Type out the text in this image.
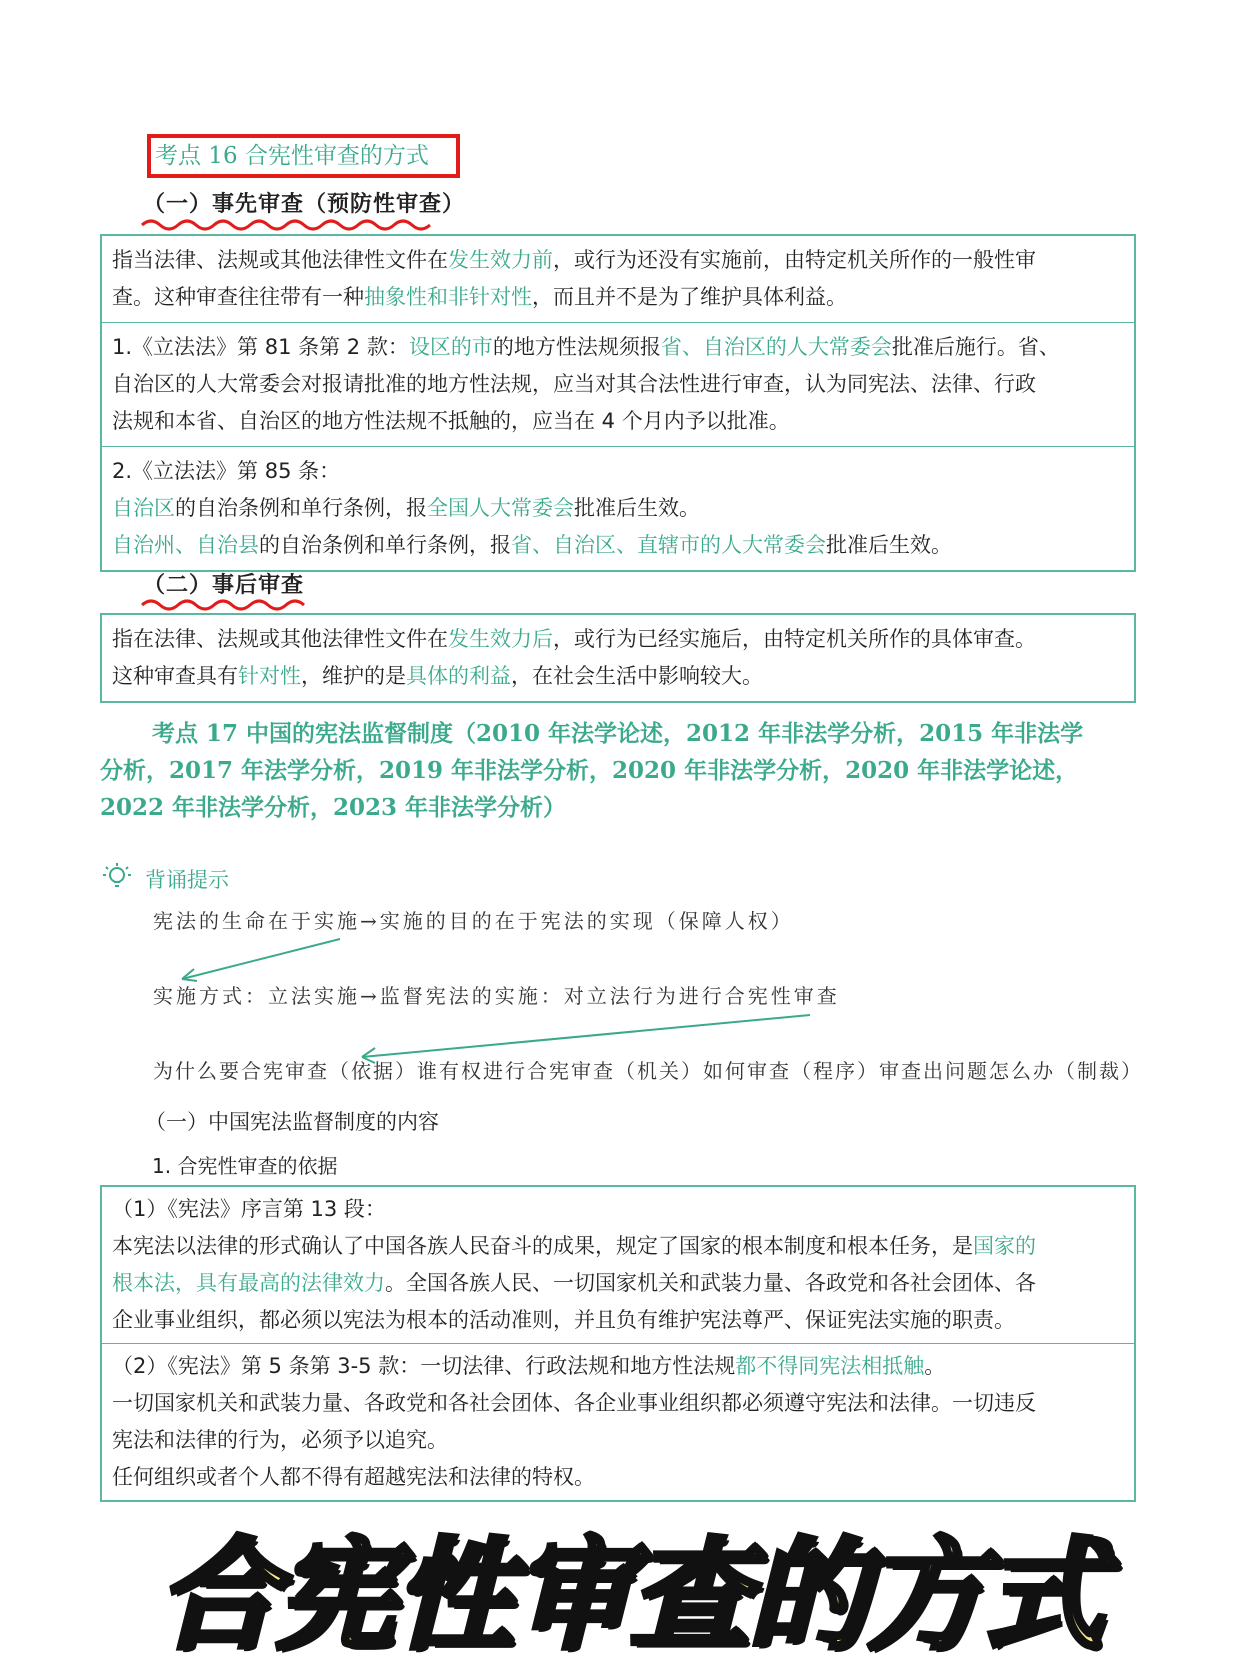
考点 16 合宪性审查的方式
（一）事先审查（预防性审查）
指当法律、法规或其他法律性文件在发生效力前，或行为还没有实施前，由特定机关所作的一般性审
查。这种审查往往带有一种抽象性和非针对性，而且并不是为了维护具体利益。
1.《立法法》第 81 条第 2 款：设区的市的地方性法规须报省、自治区的人大常委会批准后施行。省、
自治区的人大常委会对报请批准的地方性法规，应当对其合法性进行审查，认为同宪法、法律、行政
法规和本省、自治区的地方性法规不抵触的，应当在 4 个月内予以批准。
2.《立法法》第 85 条：
自治区的自治条例和单行条例，报全国人大常委会批准后生效。
自治州、自治县的自治条例和单行条例，报省、自治区、直辖市的人大常委会批准后生效。
（二）事后审查
指在法律、法规或其他法律性文件在发生效力后，或行为已经实施后，由特定机关所作的具体审查。
这种审查具有针对性，维护的是具体的利益，在社会生活中影响较大。
考点 17 中国的宪法监督制度（2010 年法学论述，2012 年非法学分析，2015 年非法学
分析，2017 年法学分析，2019 年非法学分析，2020 年非法学分析，2020 年非法学论述，
2022 年非法学分析，2023 年非法学分析）
背诵提示
宪法的生命在于实施→实施的目的在于宪法的实现（保障人权）
实施方式：立法实施→监督宪法的实施：对立法行为进行合宪性审查
为什么要合宪审查（依据）谁有权进行合宪审查（机关）如何审查（程序）审查出问题怎么办（制裁）
（一）中国宪法监督制度的内容
1. 合宪性审查的依据
（1）《宪法》序言第 13 段：
本宪法以法律的形式确认了中国各族人民奋斗的成果，规定了国家的根本制度和根本任务，是国家的
根本法，具有最高的法律效力。全国各族人民、一切国家机关和武装力量、各政党和各社会团体、各
企业事业组织，都必须以宪法为根本的活动准则，并且负有维护宪法尊严、保证宪法实施的职责。
（2）《宪法》第 5 条第 3-5 款：一切法律、行政法规和地方性法规都不得同宪法相抵触。
一切国家机关和武装力量、各政党和各社会团体、各企业事业组织都必须遵守宪法和法律。一切违反
宪法和法律的行为，必须予以追究。
任何组织或者个人都不得有超越宪法和法律的特权。
合宪性审查的方式
